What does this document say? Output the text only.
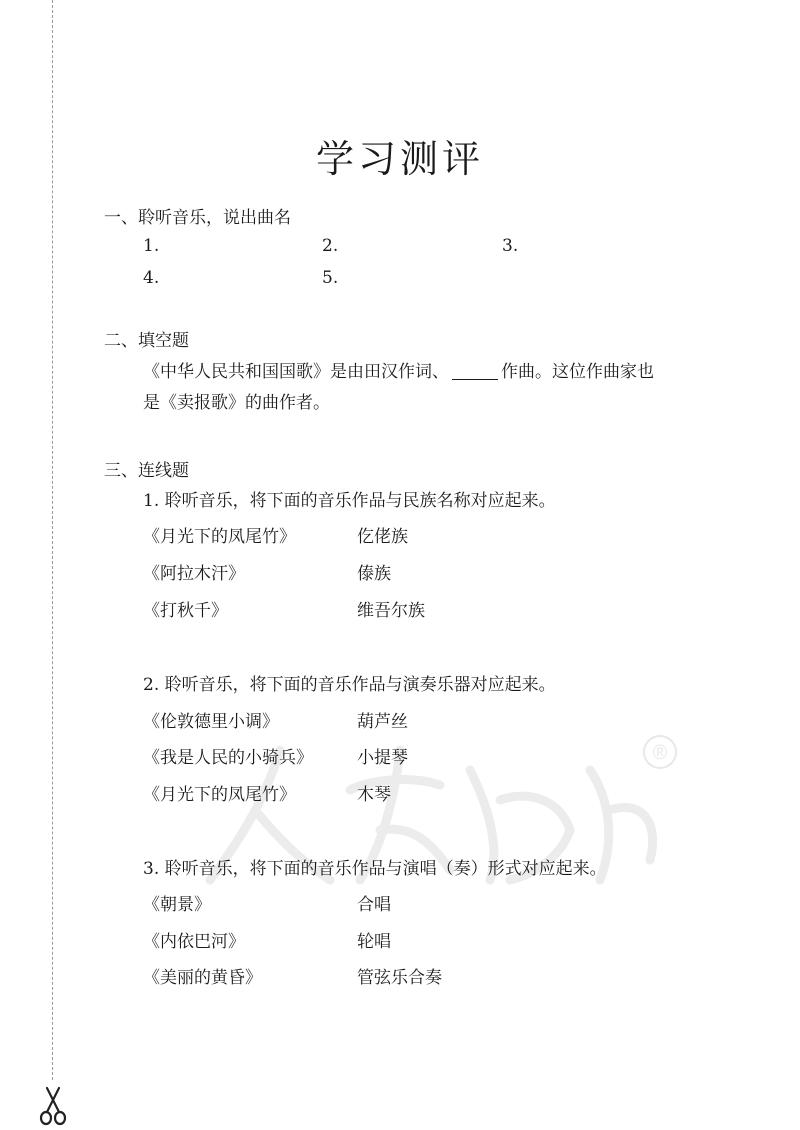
®
学习测评
一、聆听音乐，说出曲名
1.	2.	3.
4.	5.
二、填空题
《中华人民共和国国歌》是由田汉作词、	作曲。这位作曲家也
是《卖报歌》的曲作者。
三、连线题
1. 聆听音乐，将下面的音乐作品与民族名称对应起来。
《月光下的凤尾竹》	仡佬族
《阿拉木汗》	傣族
《打秋千》	维吾尔族
2. 聆听音乐，将下面的音乐作品与演奏乐器对应起来。
《伦敦德里小调》	葫芦丝
《我是人民的小骑兵》	小提琴
《月光下的凤尾竹》	木琴
3. 聆听音乐，将下面的音乐作品与演唱（奏）形式对应起来。
《朝景》	合唱
《内依巴河》	轮唱
《美丽的黄昏》	管弦乐合奏
